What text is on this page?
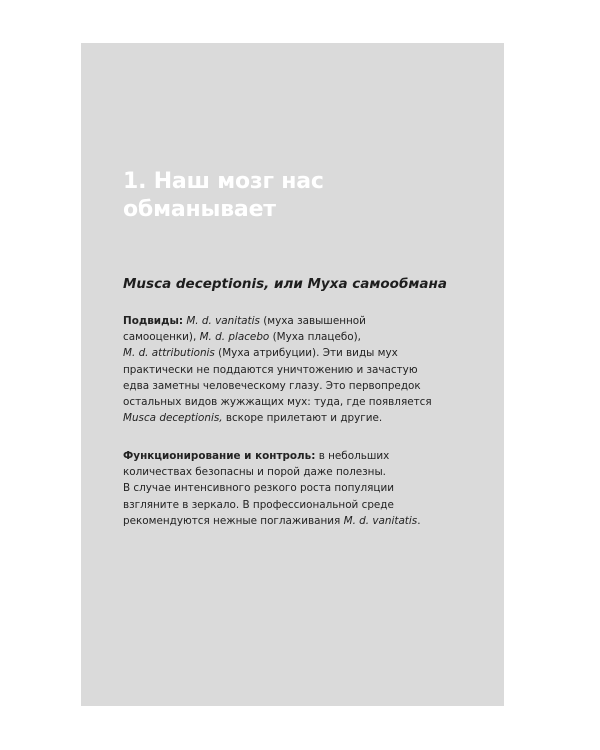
1. Наш мозг нас
обманывает
Musca deceptionis, или Муха самообмана

Подвиды: M. d. vanitatis (муха завышенной
самооценки), M. d. placebo (Муха плацебо),
M. d. attributionis (Муха атрибуции). Эти виды мух
практически не поддаются уничтожению и зачастую
едва заметны человеческому глазу. Это первопредок
остальных видов жужжащих мух: туда, где появляется
Musca deceptionis, вскоре прилетают и другие.

Функционирование и контроль: в небольших
количествах безопасны и порой даже полезны.
В случае интенсивного резкого роста популяции
взгляните в зеркало. В профессиональной среде
рекомендуются нежные поглаживания M. d. vanitatis.
